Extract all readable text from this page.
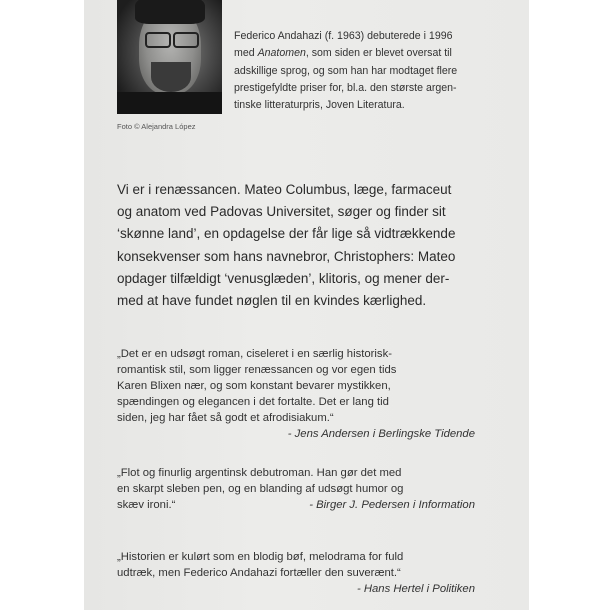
Foto © Alejandra López
Federico Andahazi (f. 1963) debuterede i 1996
med Anatomen, som siden er blevet oversat til
adskillige sprog, og som han har modtaget flere
prestigefyldte priser for, bl.a. den største argen-
tinske litteraturpris, Joven Literatura.
Vi er i renæssancen. Mateo Columbus, læge, farmaceut
og anatom ved Padovas Universitet, søger og finder sit
‘skønne land’, en opdagelse der får lige så vidtrækkende
konsekvenser som hans navnebror, Christophers: Mateo
opdager tilfældigt ‘venusglæden’, klitoris, og mener der-
med at have fundet nøglen til en kvindes kærlighed.
„Det er en udsøgt roman, ciseleret i en særlig historisk-
romantisk stil, som ligger renæssancen og vor egen tids
Karen Blixen nær, og som konstant bevarer mystikken,
spændingen og elegancen i det fortalte. Det er lang tid
siden, jeg har fået så godt et afrodisiakum.“
- Jens Andersen i Berlingske Tidende
„Flot og finurlig argentinsk debutroman. Han gør det med
en skarpt sleben pen, og en blanding af udsøgt humor og
skæv ironi.“	- Birger J. Pedersen i Information
„Historien er kulørt som en blodig bøf, melodrama for fuld
udtræk, men Federico Andahazi fortæller den suverænt.“
- Hans Hertel i Politiken
